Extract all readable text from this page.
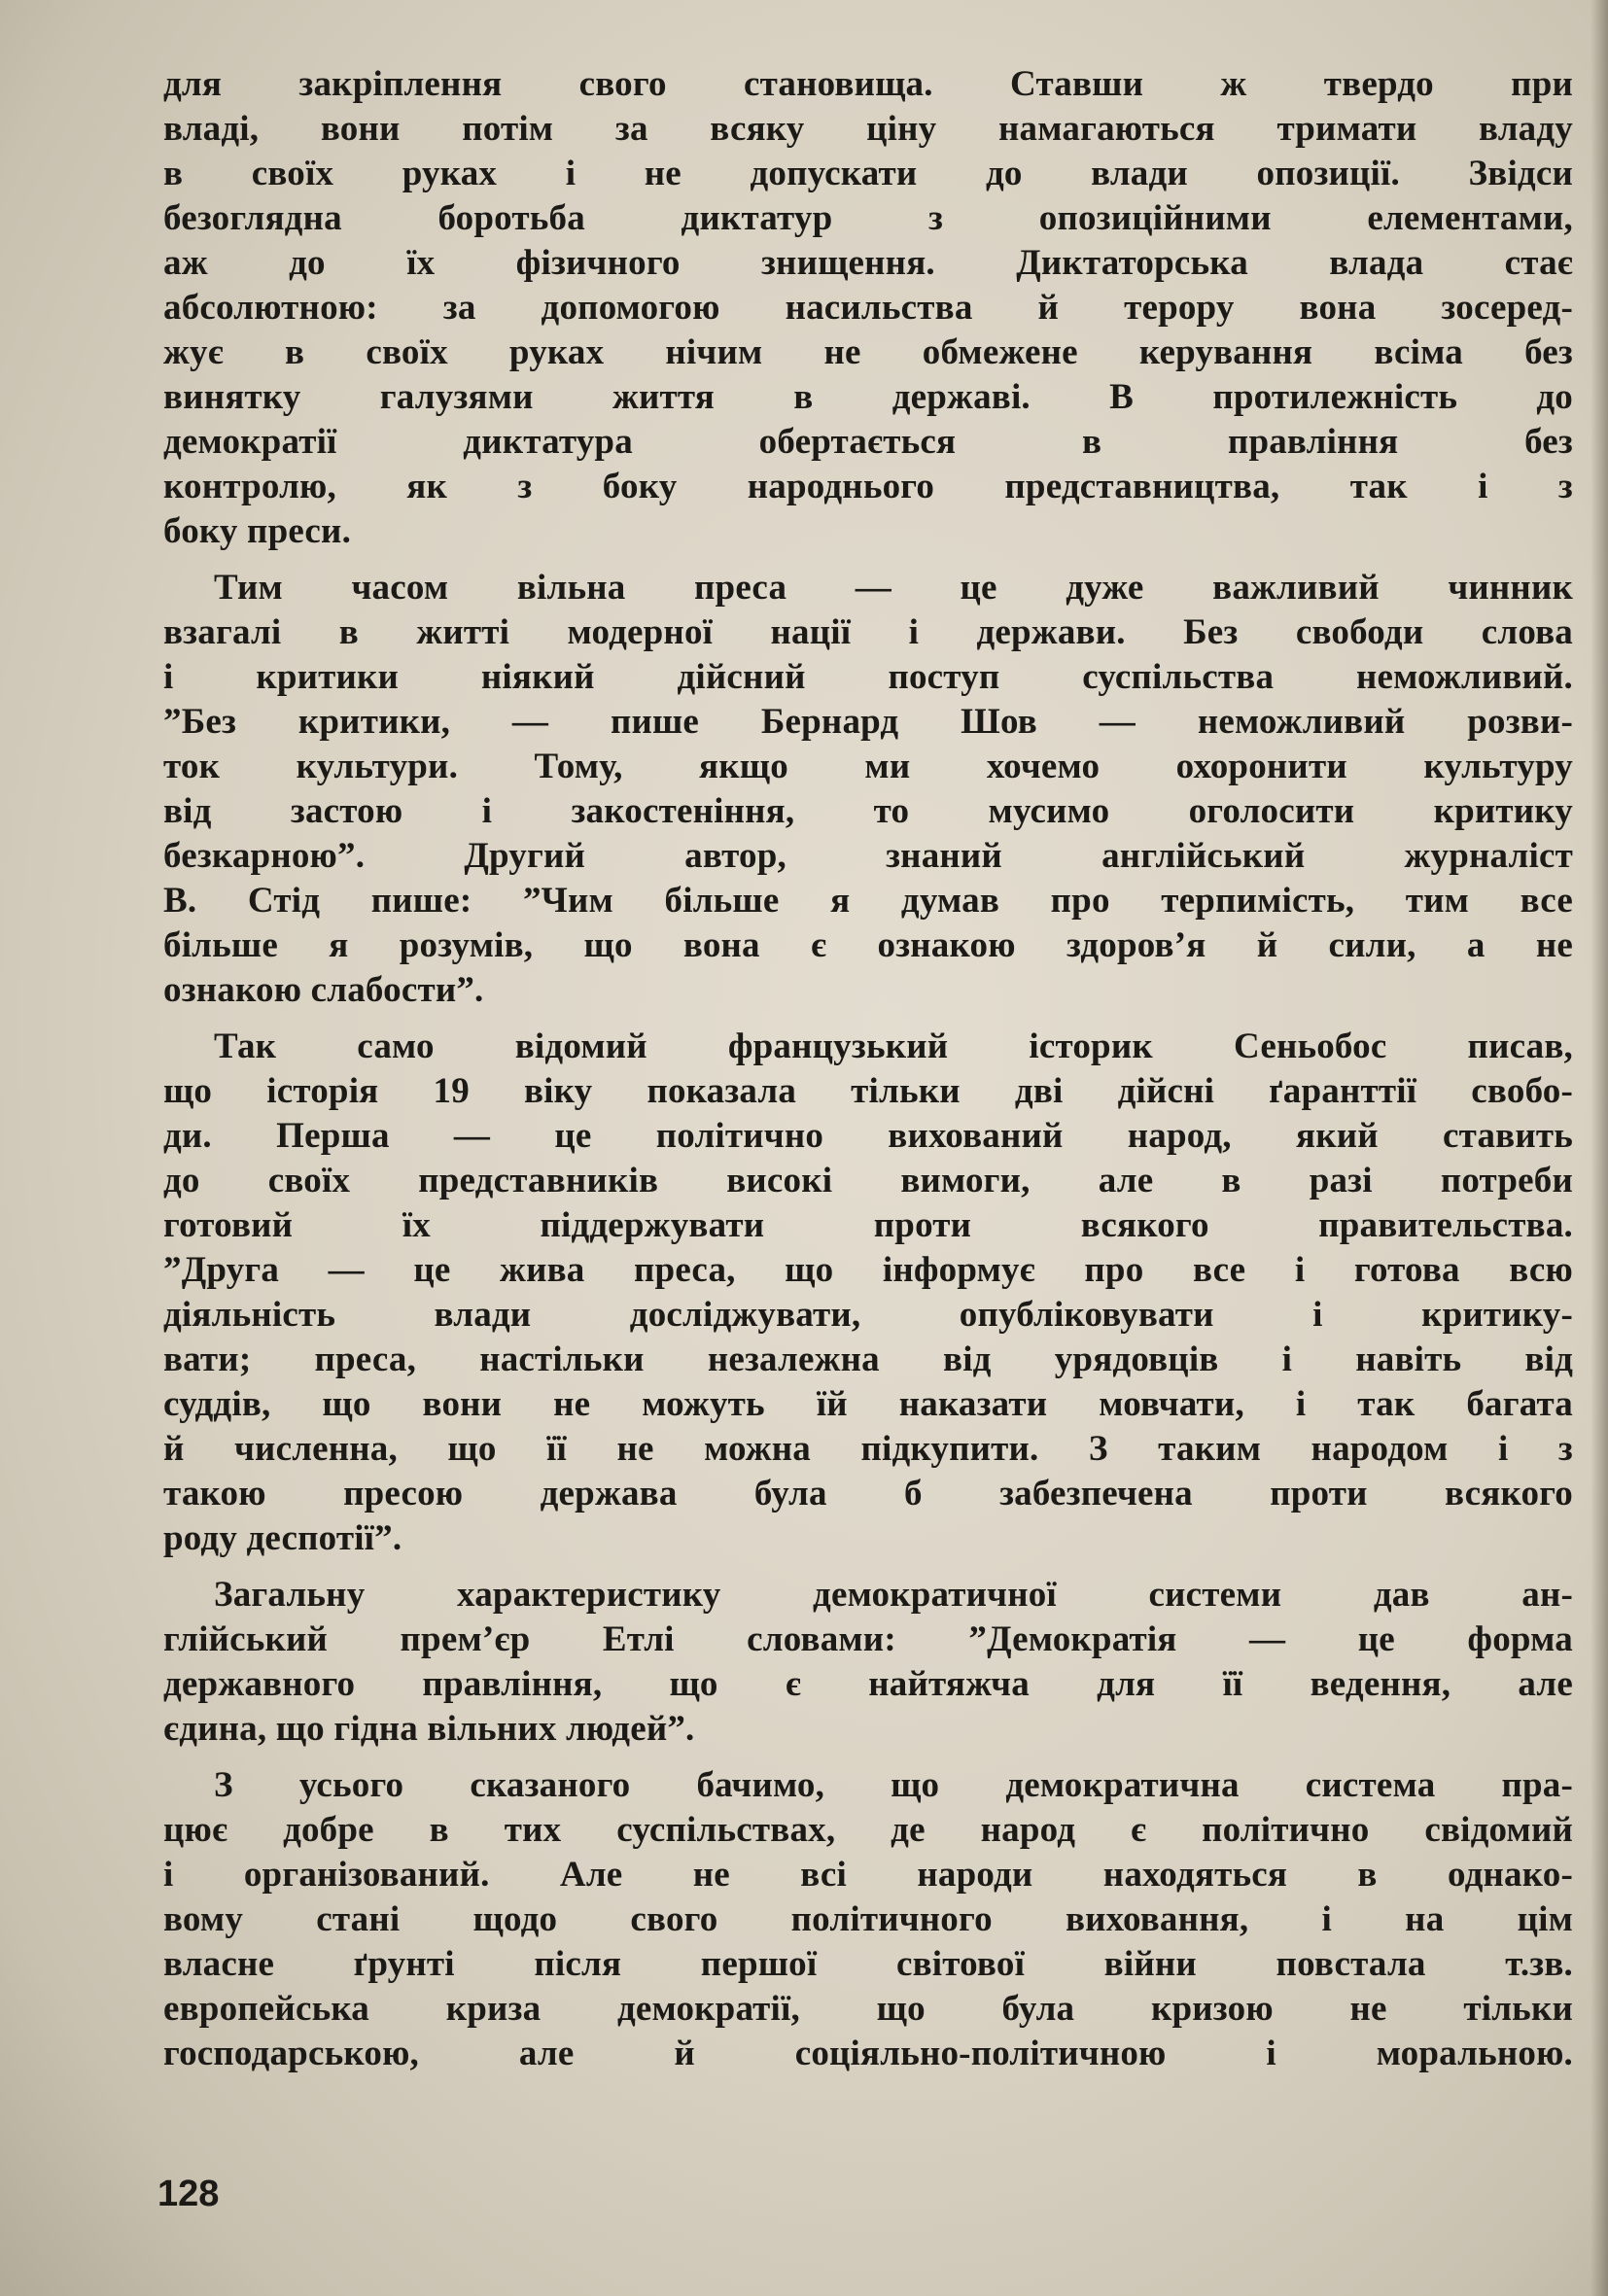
для закріплення свого становища. Ставши ж твердо при
владі, вони потім за всяку ціну намагаються тримати владу
в своїх руках і не допускати до влади опозиції. Звідси
безоглядна боротьба диктатур з опозиційними елементами,
аж до їх фізичного знищення. Диктаторська влада стає
абсолютною: за допомогою насильства й терору вона зосеред-
жує в своїх руках нічим не обмежене керування всіма без
винятку галузями життя в державі. В протилежність до
демократії диктатура обертається в правління без
контролю, як з боку народнього представництва, так і з
боку преси.

Тим часом вільна преса — це дуже важливий чинник
взагалі в житті модерної нації і держави. Без свободи слова
і критики ніякий дійсний поступ суспільства неможливий.
”Без критики, — пише Бернард Шов — неможливий розви-
ток культури. Тому, якщо ми хочемо охоронити культуру
від застою і закостеніння, то мусимо оголосити критику
безкарною”. Другий автор, знаний англійський журналіст
В. Стід пише: ”Чим більше я думав про терпимість, тим все
більше я розумів, що вона є ознакою здоров’я й сили, а не
ознакою слабости”.

Так само відомий французький історик Сеньобос писав,
що історія 19 віку показала тільки дві дійсні ґаранттії свобо-
ди. Перша — це політично вихований народ, який ставить
до своїх представників високі вимоги, але в разі потреби
готовий їх піддержувати проти всякого правительства.
”Друга — це жива преса, що інформує про все і готова всю
діяльність влади досліджувати, опубліковувати і критику-
вати; преса, настільки незалежна від урядовців і навіть від
суддів, що вони не можуть їй наказати мовчати, і так багата
й численна, що її не можна підкупити. З таким народом і з
такою пресою держава була б забезпечена проти всякого
роду деспотії”.

Загальну характеристику демократичної системи дав ан-
глійський прем’єр Етлі словами: ”Демократія — це форма
державного правління, що є найтяжча для її ведення, але
єдина, що гідна вільних людей”.

З усього сказаного бачимо, що демократична система пра-
цює добре в тих суспільствах, де народ є політично свідомий
і організований. Але не всі народи находяться в однако-
вому стані щодо свого політичного виховання, і на цім
власне ґрунті після першої світової війни повстала т.зв.
европейська криза демократії, що була кризою не тільки
господарською, але й соціяльно-політичною і моральною.

128
